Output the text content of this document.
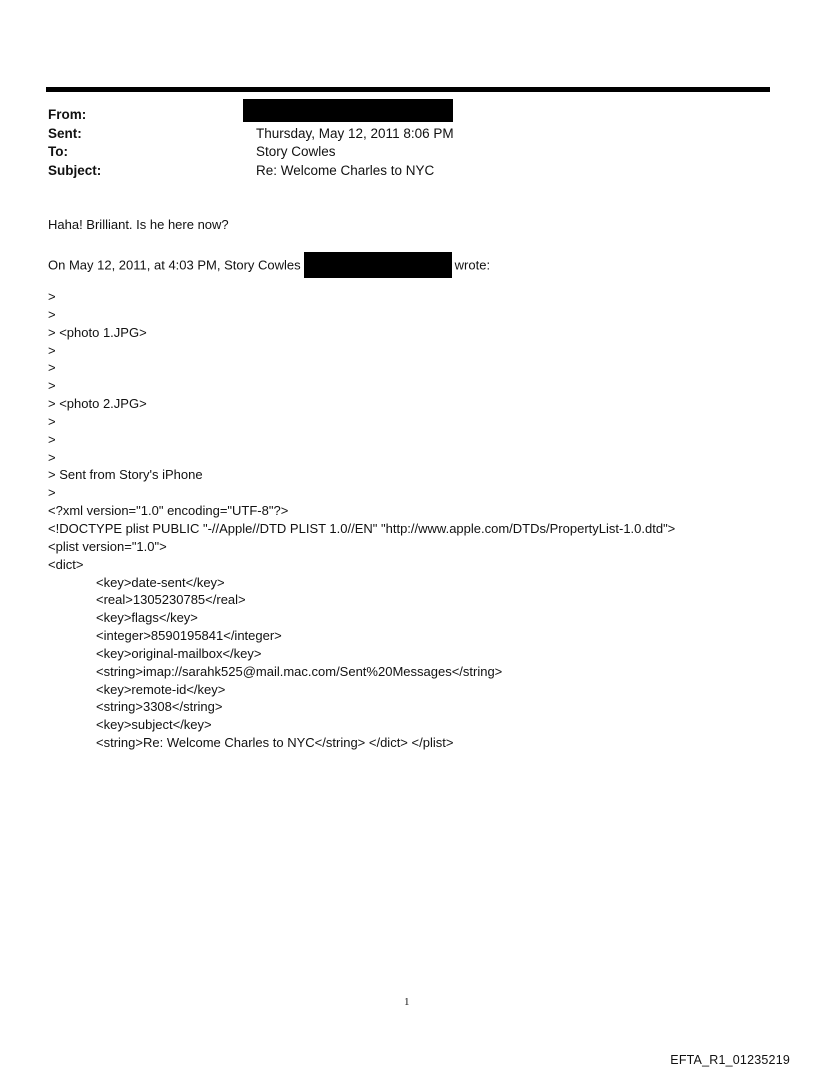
From:
Sent:	Thursday, May 12, 2011 8:06 PM
To:	Story Cowles
Subject:	Re: Welcome Charles to NYC
Haha! Brilliant. Is he here now?
On May 12, 2011, at 4:03 PM, Story Cowles	wrote:
>
>
> <photo 1.JPG>
>
>
>
> <photo 2.JPG>
>
>
>
> Sent from Story's iPhone
>
<?xml version="1.0" encoding="UTF-8"?>
<!DOCTYPE plist PUBLIC "-//Apple//DTD PLIST 1.0//EN" "http://www.apple.com/DTDs/PropertyList-1.0.dtd">
<plist version="1.0">
<dict>
<key>date-sent</key>
<real>1305230785</real>
<key>flags</key>
<integer>8590195841</integer>
<key>original-mailbox</key>
<string>imap://sarahk525@mail.mac.com/Sent%20Messages</string>
<key>remote-id</key>
<string>3308</string>
<key>subject</key>
<string>Re: Welcome Charles to NYC</string> </dict> </plist>
1
EFTA_R1_01235219
